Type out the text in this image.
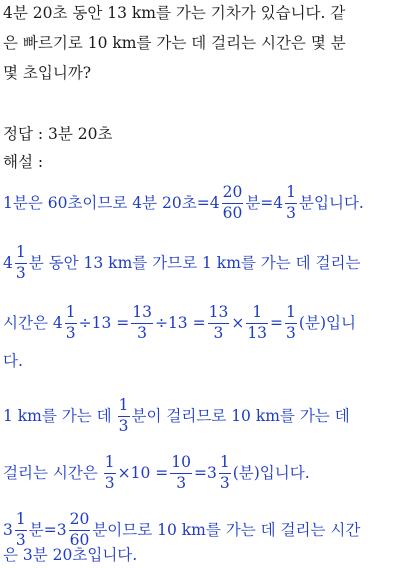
4분 20초 동안 13 km를 가는 기차가 있습니다. 같
은 빠르기로 10 km를 가는 데 걸리는 시간은 몇 분
몇 초입니까?
정답 : 3분 20초
해설 :
1분은 60초이므로 4분 20초$=4 \frac{20}{60}$ 분$=4 \frac{1}{3}$ 분입니다.
$4 \frac{1}{3}$ 분 동안 13 km를 가므로 1 km를 가는 데 걸리는
시간은 $4 \frac{1}{3} \div 13 = \frac{13}{3} \div 13 = \frac{13}{3} \times \frac{1}{13} = \frac{1}{3}$ (분)입니
다.
1 km를 가는 데 $\frac{1}{3}$ 분이 걸리므로 10 km를 가는 데
걸리는 시간은 $\frac{1}{3} \times 10 = \frac{10}{3} =3 \frac{1}{3}$ (분)입니다.
$3 \frac{1}{3}$ 분$=3 \frac{20}{60}$ 분이므로 10 km를 가는 데 걸리는 시간
은 3분 20초입니다.
